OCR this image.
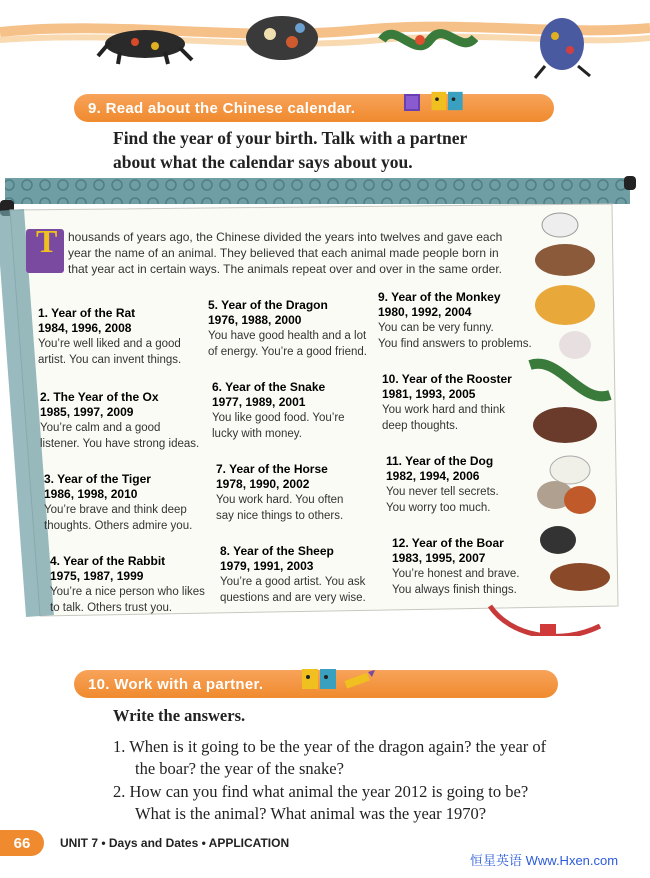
9. Read about the Chinese calendar.
Find the year of your birth. Talk with a partner
about what the calendar says about you.
T housands of years ago, the Chinese divided the years into twelves and gave each
year the name of an animal. They believed that each animal made people born in
that year act in certain ways. The animals repeat over and over in the same order.
1. Year of the Rat
1984, 1996, 2008
You’re well liked and a good
artist. You can invent things.
2. The Year of the Ox
1985, 1997, 2009
You’re calm and a good
listener. You have strong ideas.
3. Year of the Tiger
1986, 1998, 2010
You’re brave and think deep
thoughts. Others admire you.
4. Year of the Rabbit
1975, 1987, 1999
You’re a nice person who likes
to talk. Others trust you.
5. Year of the Dragon
1976, 1988, 2000
You have good health and a lot
of energy. You’re a good friend.
6. Year of the Snake
1977, 1989, 2001
You like good food. You’re
lucky with money.
7. Year of the Horse
1978, 1990, 2002
You work hard. You often
say nice things to others.
8. Year of the Sheep
1979, 1991, 2003
You’re a good artist. You ask
questions and are very wise.
9. Year of the Monkey
1980, 1992, 2004
You can be very funny.
You find answers to problems.
10. Year of the Rooster
1981, 1993, 2005
You work hard and think
deep thoughts.
11. Year of the Dog
1982, 1994, 2006
You never tell secrets.
You worry too much.
12. Year of the Boar
1983, 1995, 2007
You’re honest and brave.
You always finish things.
10. Work with a partner.
Write the answers.
1. When is it going to be the year of the dragon again? the year of
the boar? the year of the snake?
2. How can you find what animal the year 2012 is going to be?
What is the animal? What animal was the year 1970?
66	UNIT 7 • Days and Dates • APPLICATION
恒星英语 Www.Hxen.com
